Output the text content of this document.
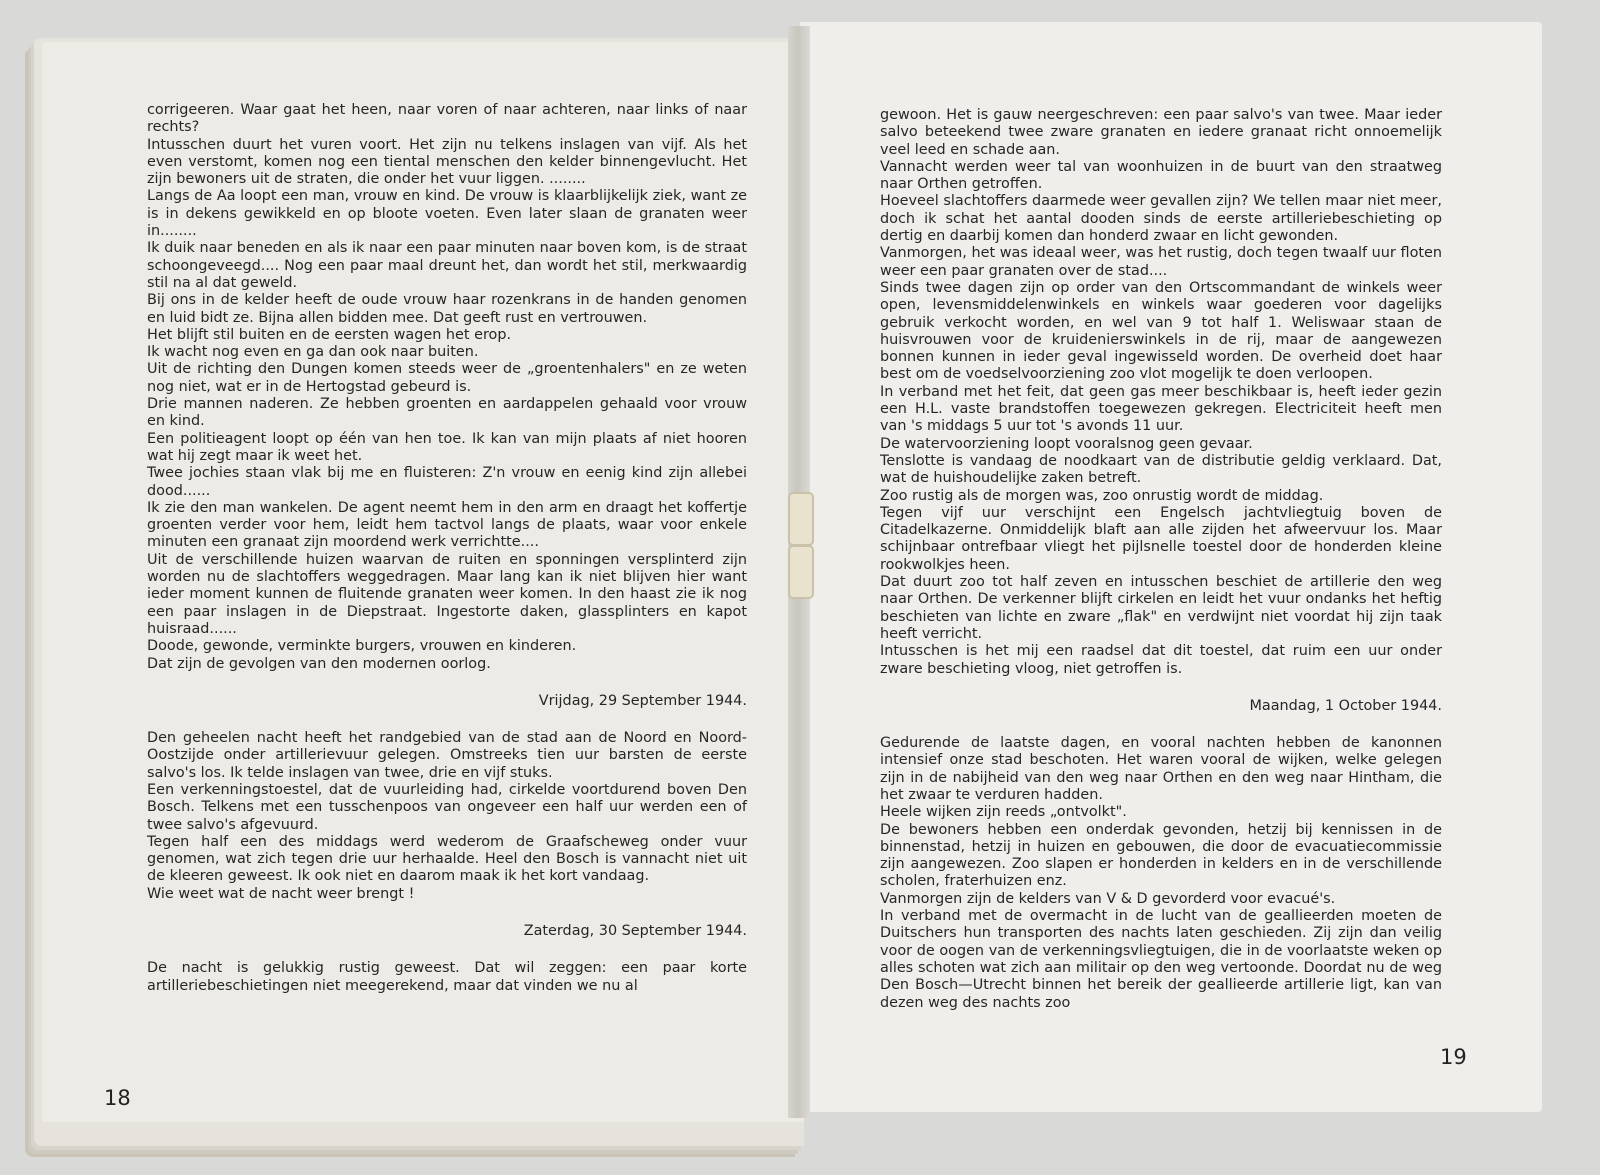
corrigeeren. Waar gaat het heen, naar voren of naar achteren, naar links of naar rechts?

Intusschen duurt het vuren voort. Het zijn nu telkens inslagen van vijf. Als het even verstomt, komen nog een tiental menschen den kelder binnengevlucht. Het zijn bewoners uit de straten, die onder het vuur liggen. ........

Langs de Aa loopt een man, vrouw en kind. De vrouw is klaarblijkelijk ziek, want ze is in dekens gewikkeld en op bloote voeten. Even later slaan de granaten weer in........

Ik duik naar beneden en als ik naar een paar minuten naar boven kom, is de straat schoongeveegd.... Nog een paar maal dreunt het, dan wordt het stil, merkwaardig stil na al dat geweld.

Bij ons in de kelder heeft de oude vrouw haar rozenkrans in de handen genomen en luid bidt ze. Bijna allen bidden mee. Dat geeft rust en vertrouwen.

Het blijft stil buiten en de eersten wagen het erop.

Ik wacht nog even en ga dan ook naar buiten.

Uit de richting den Dungen komen steeds weer de „groentenhalers" en ze weten nog niet, wat er in de Hertogstad gebeurd is.

Drie mannen naderen. Ze hebben groenten en aardappelen gehaald voor vrouw en kind.

Een politieagent loopt op één van hen toe. Ik kan van mijn plaats af niet hooren wat hij zegt maar ik weet het.

Twee jochies staan vlak bij me en fluisteren: Z'n vrouw en eenig kind zijn allebei dood......

Ik zie den man wankelen. De agent neemt hem in den arm en draagt het koffertje groenten verder voor hem, leidt hem tactvol langs de plaats, waar voor enkele minuten een granaat zijn moordend werk verrichtte....

Uit de verschillende huizen waarvan de ruiten en sponningen versplinterd zijn worden nu de slachtoffers weggedragen. Maar lang kan ik niet blijven hier want ieder moment kunnen de fluitende granaten weer komen. In den haast zie ik nog een paar inslagen in de Diepstraat. Ingestorte daken, glassplinters en kapot huisraad......

Doode, gewonde, verminkte burgers, vrouwen en kinderen.

Dat zijn de gevolgen van den modernen oorlog.

Vrijdag, 29 September 1944.

Den geheelen nacht heeft het randgebied van de stad aan de Noord en Noord-Oostzijde onder artillerievuur gelegen. Omstreeks tien uur barsten de eerste salvo's los. Ik telde inslagen van twee, drie en vijf stuks.

Een verkenningstoestel, dat de vuurleiding had, cirkelde voortdurend boven Den Bosch. Telkens met een tusschenpoos van ongeveer een half uur werden een of twee salvo's afgevuurd.

Tegen half een des middags werd wederom de Graafscheweg onder vuur genomen, wat zich tegen drie uur herhaalde. Heel den Bosch is vannacht niet uit de kleeren geweest. Ik ook niet en daarom maak ik het kort vandaag.

Wie weet wat de nacht weer brengt !

Zaterdag, 30 September 1944.

De nacht is gelukkig rustig geweest. Dat wil zeggen: een paar korte artilleriebeschietingen niet meegerekend, maar dat vinden we nu al

18

gewoon. Het is gauw neergeschreven: een paar salvo's van twee. Maar ieder salvo beteekend twee zware granaten en iedere granaat richt onnoemelijk veel leed en schade aan.

Vannacht werden weer tal van woonhuizen in de buurt van den straatweg naar Orthen getroffen.

Hoeveel slachtoffers daarmede weer gevallen zijn? We tellen maar niet meer, doch ik schat het aantal dooden sinds de eerste artilleriebeschieting op dertig en daarbij komen dan honderd zwaar en licht gewonden.

Vanmorgen, het was ideaal weer, was het rustig, doch tegen twaalf uur floten weer een paar granaten over de stad....

Sinds twee dagen zijn op order van den Ortscommandant de winkels weer open, levensmiddelenwinkels en winkels waar goederen voor dagelijks gebruik verkocht worden, en wel van 9 tot half 1. Weliswaar staan de huisvrouwen voor de kruidenierswinkels in de rij, maar de aangewezen bonnen kunnen in ieder geval ingewisseld worden. De overheid doet haar best om de voedselvoorziening zoo vlot mogelijk te doen verloopen.

In verband met het feit, dat geen gas meer beschikbaar is, heeft ieder gezin een H.L. vaste brandstoffen toegewezen gekregen. Electriciteit heeft men van 's middags 5 uur tot 's avonds 11 uur.

De watervoorziening loopt vooralsnog geen gevaar.

Tenslotte is vandaag de noodkaart van de distributie geldig verklaard. Dat, wat de huishoudelijke zaken betreft.

Zoo rustig als de morgen was, zoo onrustig wordt de middag.

Tegen vijf uur verschijnt een Engelsch jachtvliegtuig boven de Citadelkazerne. Onmiddelijk blaft aan alle zijden het afweervuur los. Maar schijnbaar ontrefbaar vliegt het pijlsnelle toestel door de honderden kleine rookwolkjes heen.

Dat duurt zoo tot half zeven en intusschen beschiet de artillerie den weg naar Orthen. De verkenner blijft cirkelen en leidt het vuur ondanks het heftig beschieten van lichte en zware „flak" en verdwijnt niet voordat hij zijn taak heeft verricht.

Intusschen is het mij een raadsel dat dit toestel, dat ruim een uur onder zware beschieting vloog, niet getroffen is.

Maandag, 1 October 1944.

Gedurende de laatste dagen, en vooral nachten hebben de kanonnen intensief onze stad beschoten. Het waren vooral de wijken, welke gelegen zijn in de nabijheid van den weg naar Orthen en den weg naar Hintham, die het zwaar te verduren hadden.

Heele wijken zijn reeds „ontvolkt".

De bewoners hebben een onderdak gevonden, hetzij bij kennissen in de binnenstad, hetzij in huizen en gebouwen, die door de evacuatiecommissie zijn aangewezen. Zoo slapen er honderden in kelders en in de verschillende scholen, fraterhuizen enz.

Vanmorgen zijn de kelders van V & D gevorderd voor evacué's.

In verband met de overmacht in de lucht van de geallieerden moeten de Duitschers hun transporten des nachts laten geschieden. Zij zijn dan veilig voor de oogen van de verkenningsvliegtuigen, die in de voorlaatste weken op alles schoten wat zich aan militair op den weg vertoonde. Doordat nu de weg Den Bosch—Utrecht binnen het bereik der geallieerde artillerie ligt, kan van dezen weg des nachts zoo

19
